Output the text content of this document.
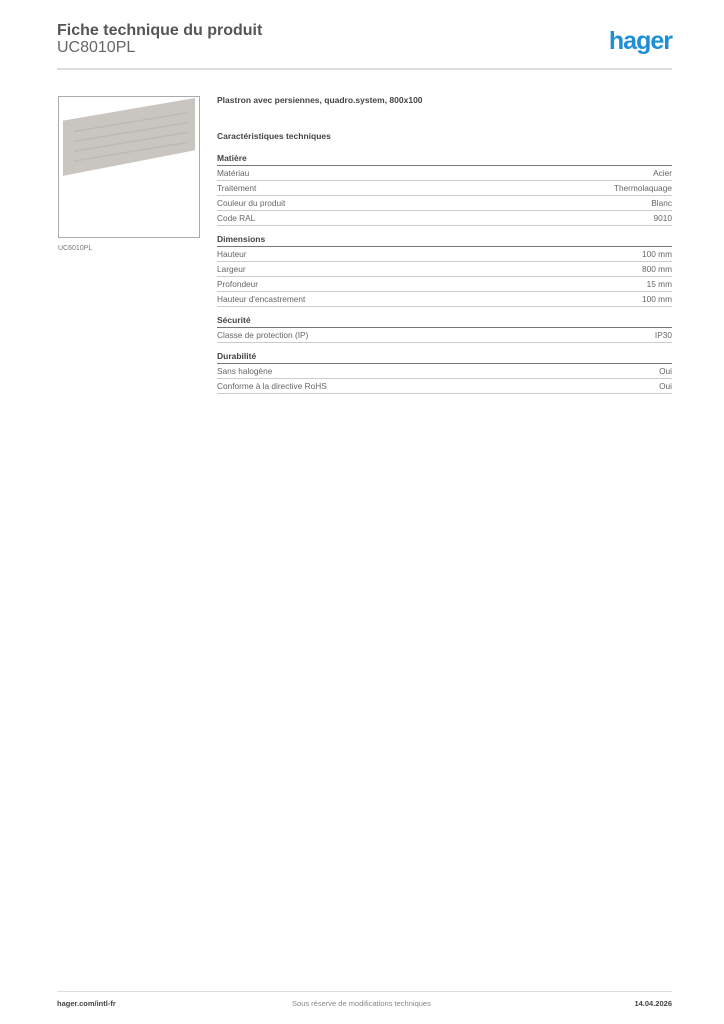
Fiche technique du produit
UC8010PL	hager
UC6010PL
Plastron avec persiennes, quadro.system, 800x100
Caractéristiques techniques
Matière
Matériau	Acier
Traitement	Thermolaquage
Couleur du produit	Blanc
Code RAL	9010
Dimensions
Hauteur	100 mm
Largeur	800 mm
Profondeur	15 mm
Hauteur d'encastrement	100 mm
Sécurité
Classe de protection (IP)	IP30
Durabilité
Sans halogène	Oui
Conforme à la directive RoHS	Oui
hager.com/intl-fr	Sous réserve de modifications techniques	14.04.2026
